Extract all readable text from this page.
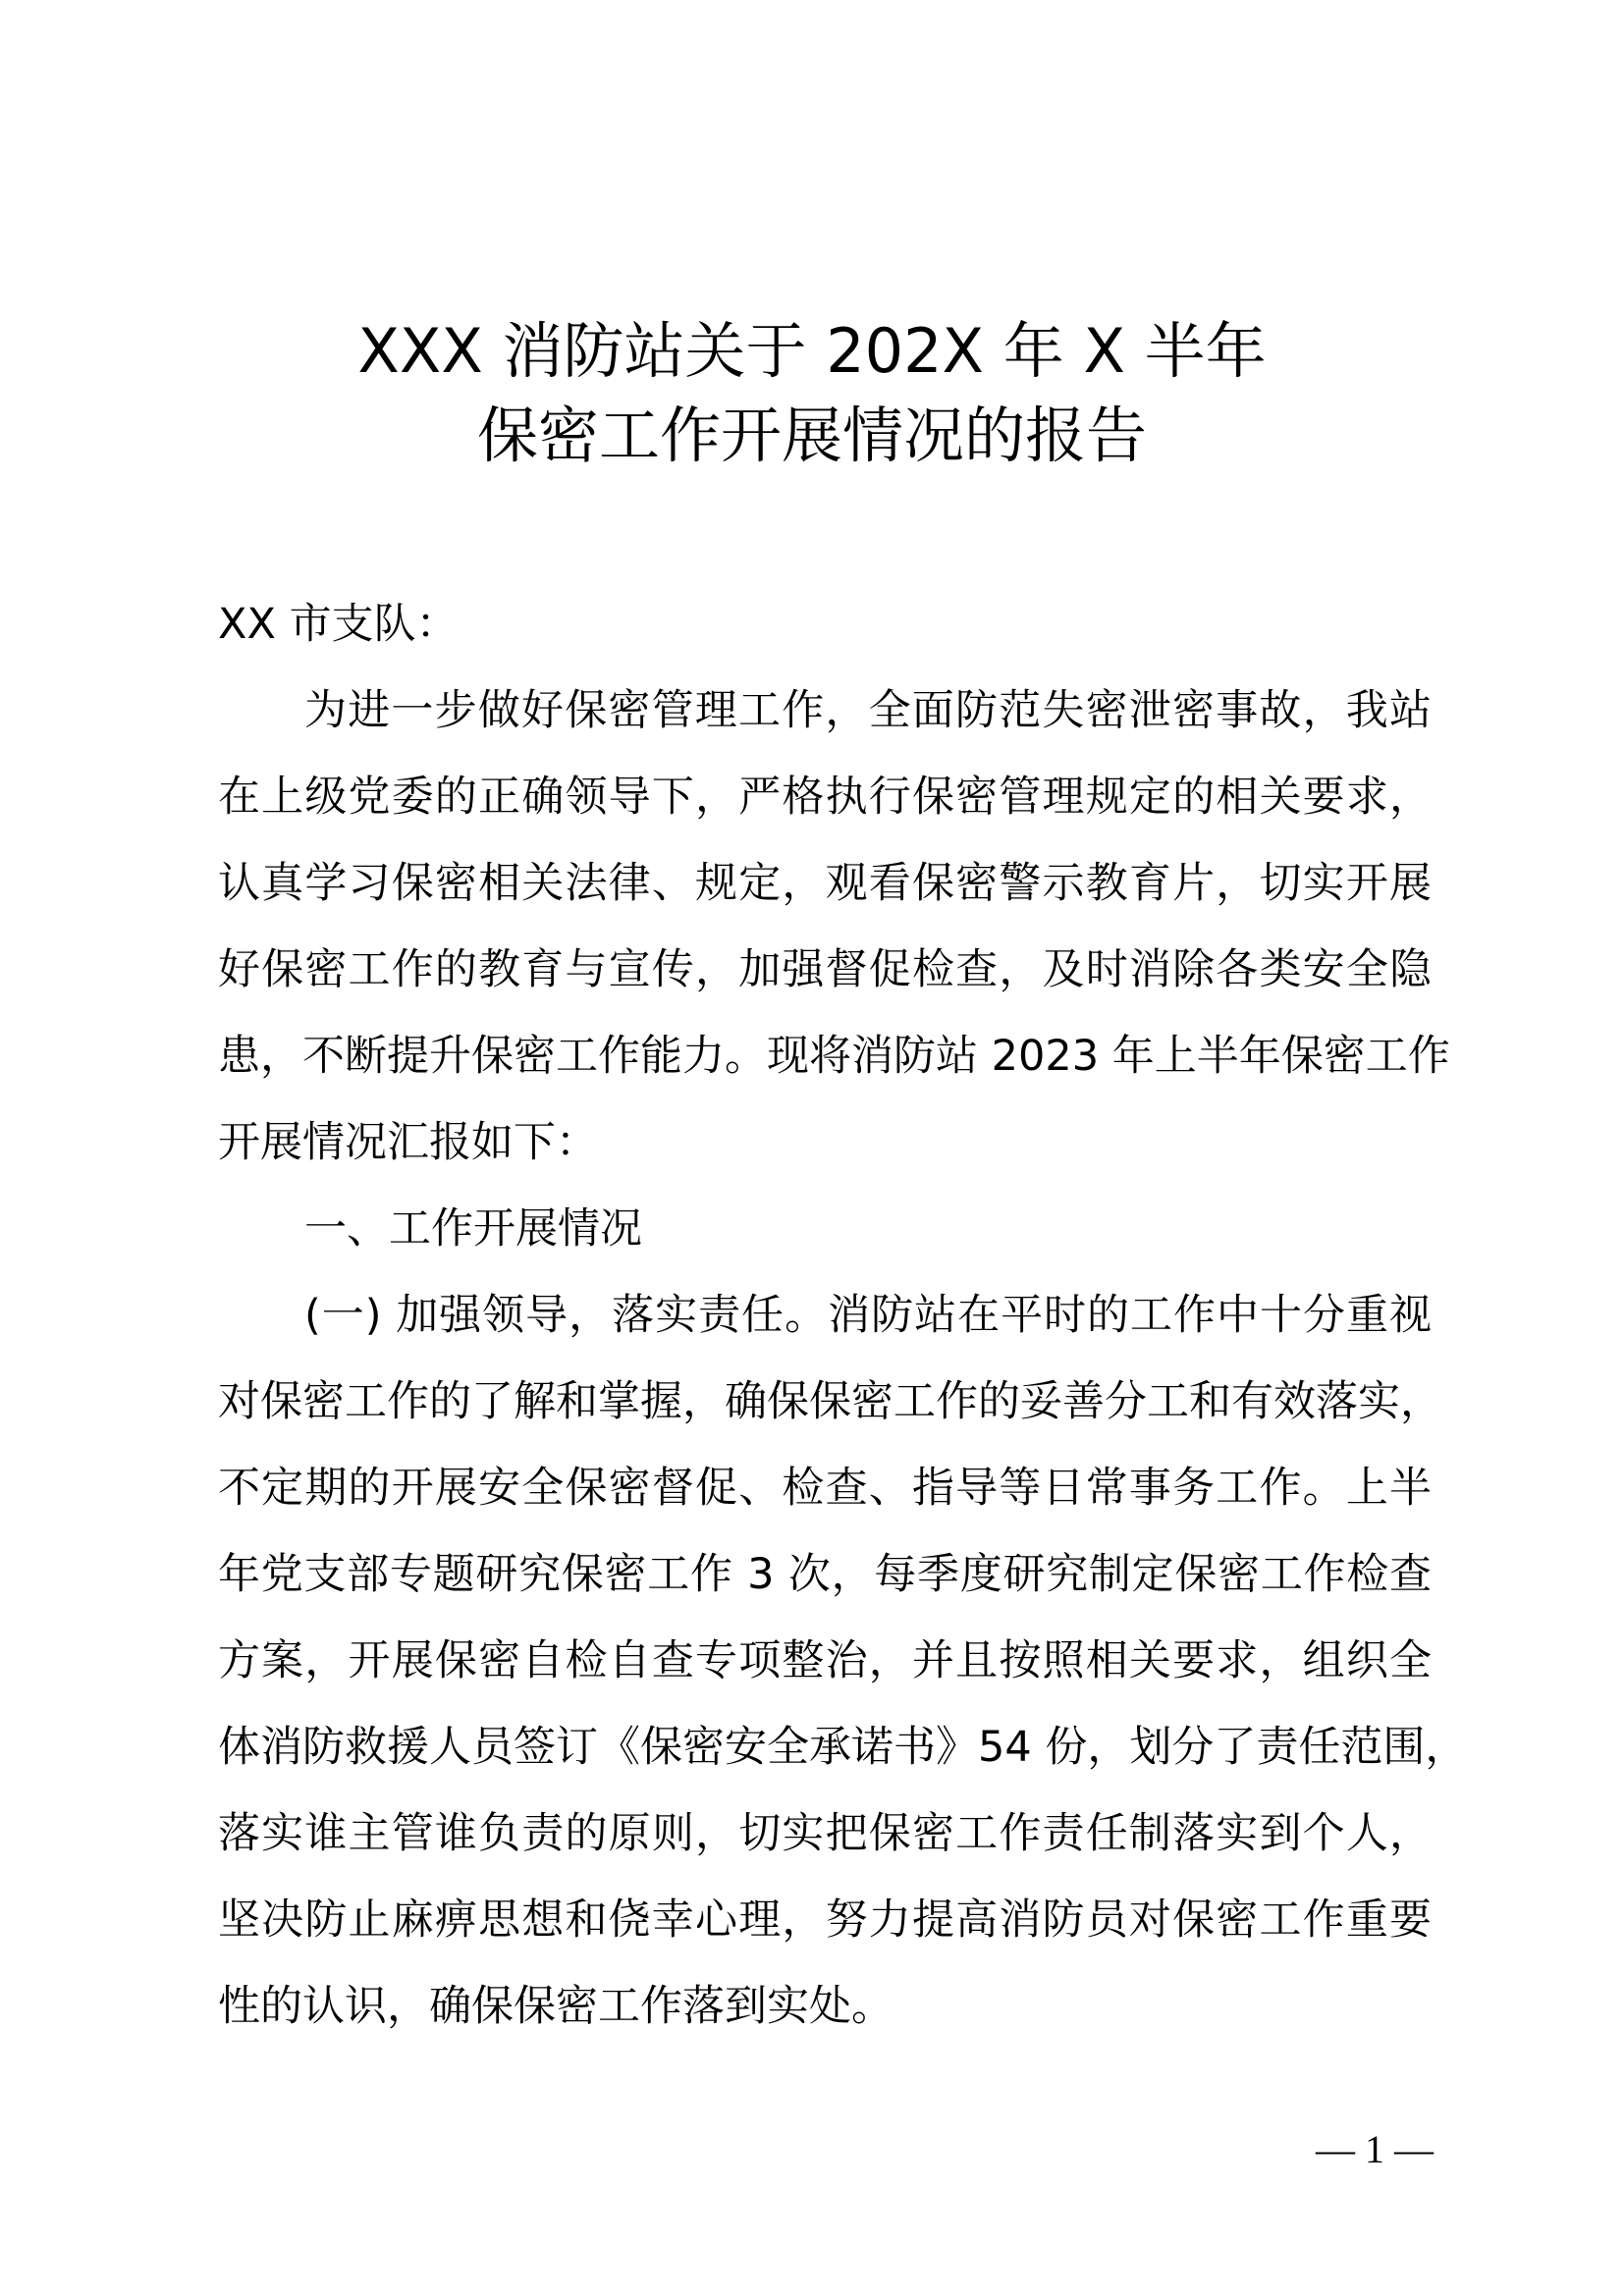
XXX 消防站关于 202X 年 X 半年
保密工作开展情况的报告
XX 市支队：
为进一步做好保密管理工作，全面防范失密泄密事故，我站
在上级党委的正确领导下，严格执行保密管理规定的相关要求，
认真学习保密相关法律、规定，观看保密警示教育片，切实开展
好保密工作的教育与宣传，加强督促检查，及时消除各类安全隐
患，不断提升保密工作能力。现将消防站 2023 年上半年保密工作
开展情况汇报如下：
一、工作开展情况
(一) 加强领导，落实责任。消防站在平时的工作中十分重视
对保密工作的了解和掌握，确保保密工作的妥善分工和有效落实，
不定期的开展安全保密督促、检查、指导等日常事务工作。上半
年党支部专题研究保密工作 3 次，每季度研究制定保密工作检查
方案，开展保密自检自查专项整治，并且按照相关要求，组织全
体消防救援人员签订《保密安全承诺书》54 份，划分了责任范围，
落实谁主管谁负责的原则，切实把保密工作责任制落实到个人，
坚决防止麻痹思想和侥幸心理，努力提高消防员对保密工作重要
性的认识，确保保密工作落到实处。
— 1 —
